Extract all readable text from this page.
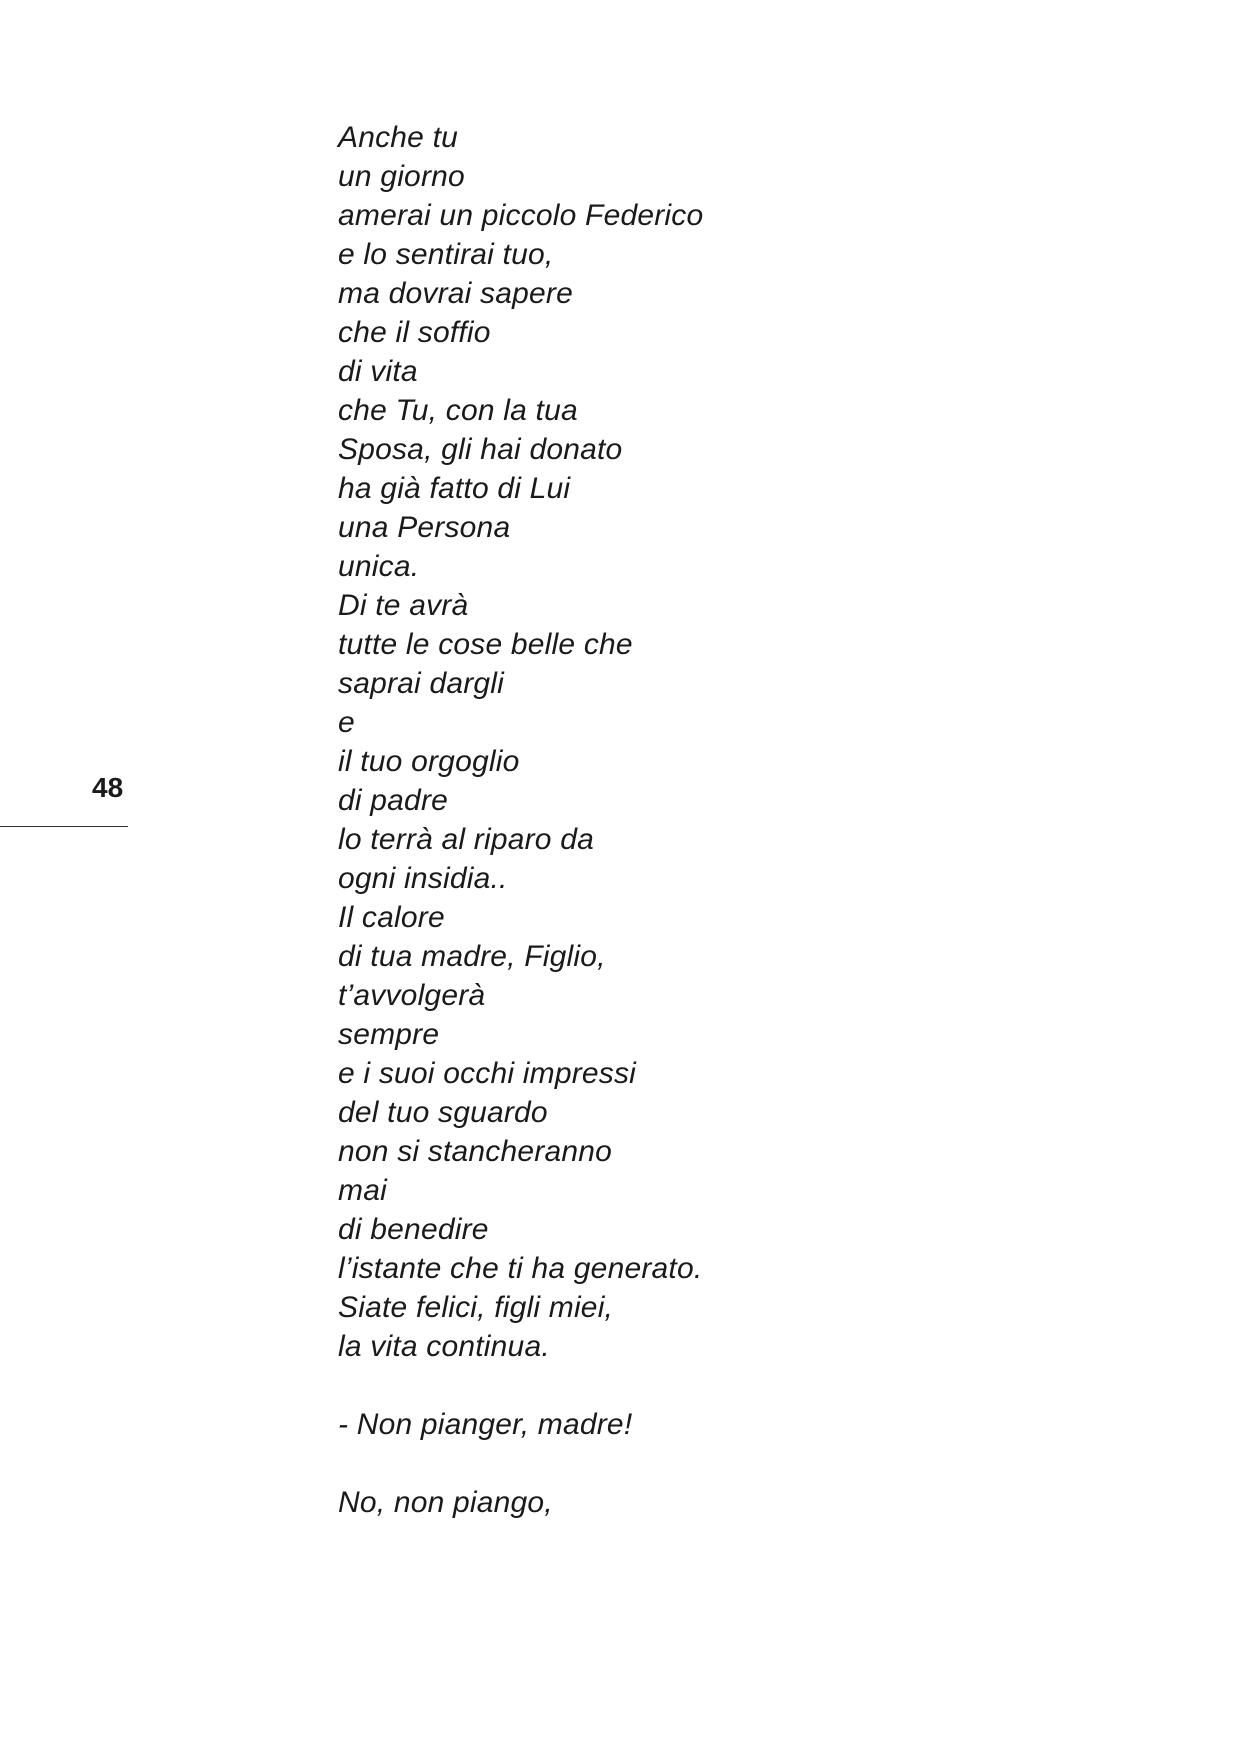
48
Anche tu
un giorno
amerai un piccolo Federico
e lo sentirai tuo,
ma dovrai sapere
che il soffio
di vita
che Tu, con la tua
Sposa, gli hai donato
ha già fatto di Lui
una Persona
unica.
Di te avrà
tutte le cose belle che
saprai dargli
e
il tuo orgoglio
di padre
lo terrà al riparo da
ogni insidia..
Il calore
di tua madre, Figlio,
t’avvolgerà
sempre
e i suoi occhi impressi
del tuo sguardo
non si stancheranno
mai
di benedire
l’istante che ti ha generato.
Siate felici, figli miei,
la vita continua.
- Non pianger, madre!
No, non piango,
